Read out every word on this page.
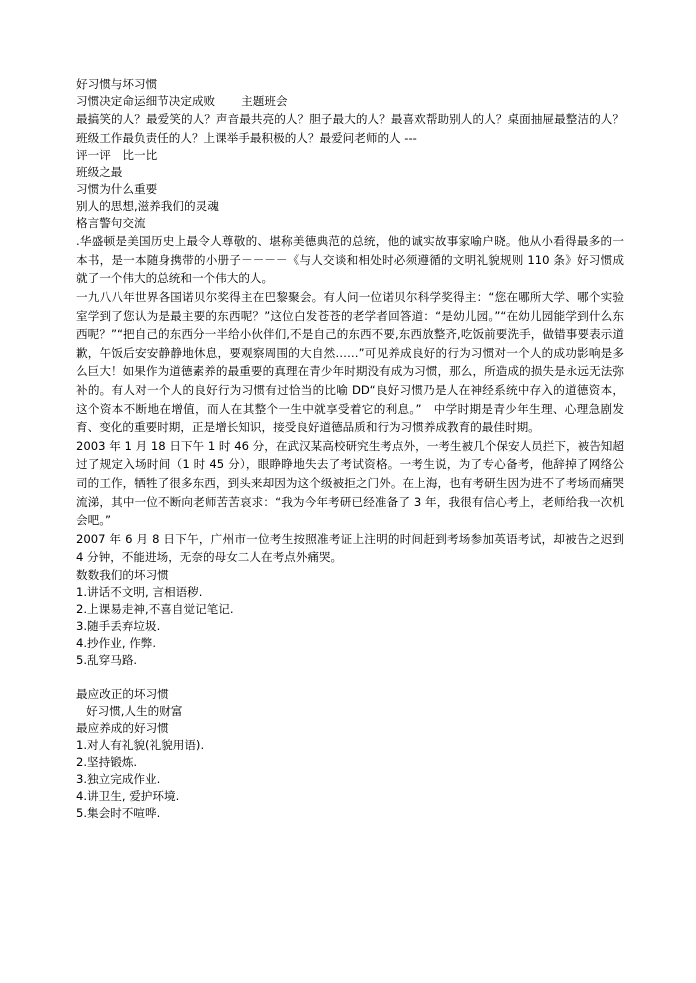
好习惯与坏习惯
习惯决定命运细节决定成败 主题班会
最搞笑的人？最爱笑的人？声音最共亮的人？胆子最大的人？最喜欢帮助别人的人？桌面抽屉最整洁的人？班级工作最负责任的人？上课举手最积极的人？最爱问老师的人 ---
评一评　比一比
班级之最
习惯为什么重要
别人的思想,滋养我们的灵魂
格言警句交流
.华盛顿是美国历史上最令人尊敬的、堪称美德典范的总统，他的诚实故事家喻户晓。他从小看得最多的一本书，是一本随身携带的小册子－－－－《与人交谈和相处时必须遵循的文明礼貌规则 110 条》好习惯成就了一个伟大的总统和一个伟大的人。
一九八八年世界各国诺贝尔奖得主在巴黎聚会。有人问一位诺贝尔科学奖得主：“您在哪所大学、哪个实验室学到了您认为是最主要的东西呢？”这位白发苍苍的老学者回答道：“是幼儿园。”“在幼儿园能学到什么东西呢？”“把自己的东西分一半给小伙伴们,不是自己的东西不要,东西放整齐,吃饭前要洗手，做错事要表示道歉，午饭后安安静静地休息，要观察周围的大自然……”可见养成良好的行为习惯对一个人的成功影响是多么巨大！如果作为道德素养的最重要的真理在青少年时期没有成为习惯，那么，所造成的损失是永远无法弥补的。有人对一个人的良好行为习惯有过恰当的比喻 DD“良好习惯乃是人在神经系统中存入的道德资本，这个资本不断地在增值，而人在其整个一生中就享受着它的利息。”　中学时期是青少年生理、心理急剧发育、变化的重要时期，正是增长知识，接受良好道德品质和行为习惯养成教育的最佳时期。
2003 年 1 月 18 日下午 1 时 46 分，在武汉某高校研究生考点外，一考生被几个保安人员拦下，被告知超过了规定入场时间（1 时 45 分），眼睁睁地失去了考试资格。一考生说，为了专心备考，他辞掉了网络公司的工作，牺牲了很多东西，到头来却因为这个级被拒之门外。在上海，也有考研生因为进不了考场而痛哭流涕，其中一位不断向老师苦苦哀求：“我为今年考研已经准备了 3 年，我很有信心考上，老师给我一次机会吧。”
2007 年 6 月 8 日下午，广州市一位考生按照准考证上注明的时间赶到考场参加英语考试，却被告之迟到 4 分钟，不能进场，无奈的母女二人在考点外痛哭。
数数我们的坏习惯
1.讲话不文明, 言相语秽.
2.上课易走神,不喜自觉记笔记.
3.随手丢弃垃圾.
4.抄作业, 作弊.
5.乱穿马路.
最应改正的坏习惯
好习惯,人生的财富
最应养成的好习惯
1.对人有礼貌(礼貌用语).
2.坚持锻炼.
3.独立完成作业.
4.讲卫生, 爱护环境.
5.集会时不喧哗.
